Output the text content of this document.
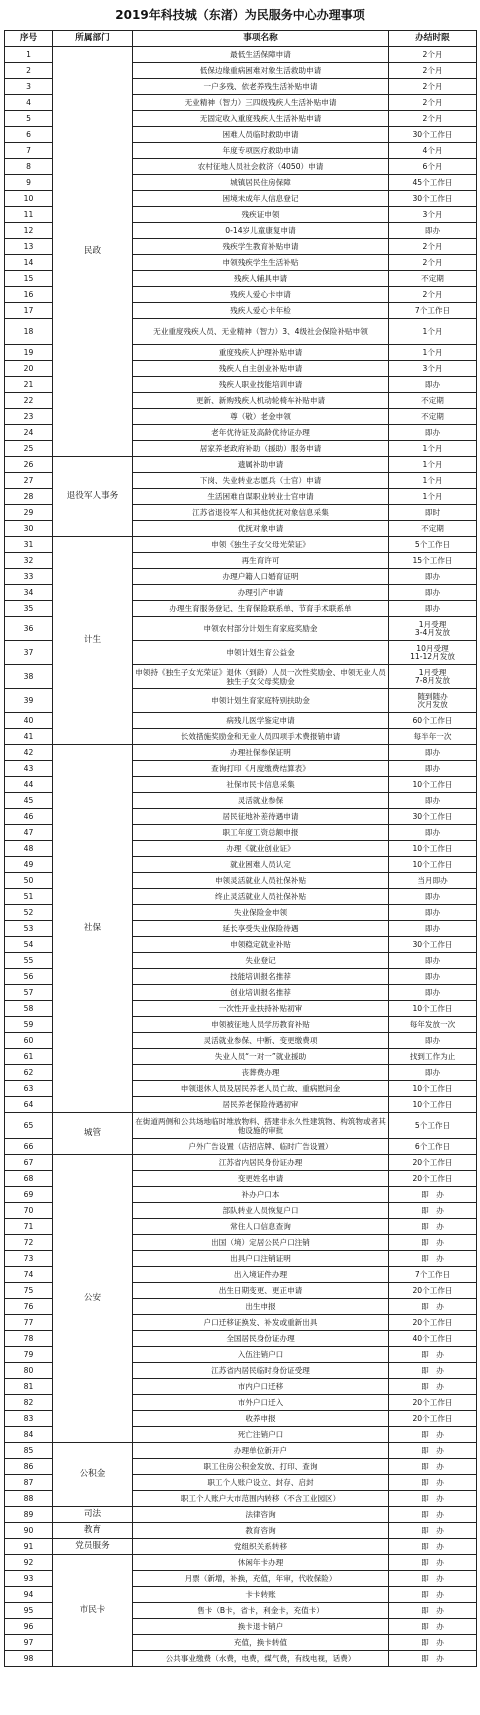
2019年科技城（东渚）为民服务中心办理事项
序号	所属部门	事项名称	办结时限
1	民政	最低生活保障申请	2个月
2		低保边缘重病困难对象生活救助申请	2个月
3		一户多残、依老养残生活补贴申请	2个月
4		无业精神（智力）三四级残疾人生活补贴申请	2个月
5		无固定收入重度残疾人生活补贴申请	2个月
6		困难人员临时救助申请	30个工作日
7		年度专项医疗救助申请	4个月
8		农村征地人员社会救济（4050）申请	6个月
9		城镇居民住房保障	45个工作日
10		困境未成年人信息登记	30个工作日
11		残疾证申领	3个月
12		0-14岁儿童康复申请	即办
13		残疾学生教育补贴申请	2个月
14		申领残疾学生生活补贴	2个月
15		残疾人辅具申请	不定期
16		残疾人爱心卡申请	2个月
17		残疾人爱心卡年检	7个工作日
18		无业重度残疾人员、无业精神（智力）3、4级社会保险补贴申领	1个月
19		重度残疾人护理补贴申请	1个月
20		残疾人自主创业补贴申请	3个月
21		残疾人职业技能培训申请	即办
22		更新、新购残疾人机动轮椅车补贴申请	不定期
23		尊（敬）老金申领	不定期
24		老年优待证及高龄优待证办理	即办
25		居家养老政府补助（援助）服务申请	1个月
26	退役军人事务	遗属补助申请	1个月
27		下岗、失业转业志愿兵（士官）申请	1个月
28		生活困难自谋职业转业士官申请	1个月
29		江苏省退役军人和其他优抚对象信息采集	即时
30		优抚对象申请	不定期
31	计生	申领《独生子女父母光荣证》	5个工作日
32		再生育许可	15个工作日
33		办理户籍人口婚育证明	即办
34		办理引产申请	即办
35		办理生育服务登记、生育保险联系单、节育手术联系单	即办
36		申领农村部分计划生育家庭奖励金	1月受理
3-4月发放

37		申领计划生育公益金	10月受理
11-12月发放

38		申领持《独生子女光荣证》退休（到龄）人员一次性奖励金、申领无业人员独生子女父母奖励金	1月受理
7-8月发放

39		申领计划生育家庭特别扶助金	随到随办
次月发放

40		病残儿医学鉴定申请	60个工作日
41		长效措施奖励金和无业人员四项手术费报销申请	每半年一次
42	社保	办理社保参保证明	即办
43		查询打印《月度缴费结算表》	即办
44		社保市民卡信息采集	10个工作日
45		灵活就业参保	即办
46		居民征地补差待遇申请	30个工作日
47		职工年度工资总额申报	即办
48		办理《就业创业证》	10个工作日
49		就业困难人员认定	10个工作日
50		申领灵活就业人员社保补贴	当月即办
51		终止灵活就业人员社保补贴	即办
52		失业保险金申领	即办
53		延长享受失业保险待遇	即办
54		申领稳定就业补贴	30个工作日
55		失业登记	即办
56		技能培训报名推荐	即办
57		创业培训报名推荐	即办
58		一次性开业扶持补贴初审	10个工作日
59		申领被征地人员学历教育补贴	每年发放一次
60		灵活就业参保、中断、变更缴费项	即办
61		失业人员“一对一”就业援助	找到工作为止
62		丧葬费办理	即办
63		申领退休人员及居民养老人员亡故、重病慰问金	10个工作日
64		居民养老保险待遇初审	10个工作日
65	城管	在街道两侧和公共场地临时堆放物料、搭建非永久性建筑物、构筑物或者其他设施的审批	5个工作日
66		户外广告设置（店招店牌、临时广告设置）	6个工作日
67	公安	江苏省内居民身份证办理	20个工作日
68		变更姓名申请	20个工作日
69		补办户口本	即　办
70		部队转业人员恢复户口	即　办
71		常住人口信息查询	即　办
72		出国（境）定居公民户口注销	即　办
73		出具户口注销证明	即　办
74		出入境证件办理	7个工作日
75		出生日期变更、更正申请	20个工作日
76		出生申报	即　办
77		户口迁移证换发、补发或重新出具	20个工作日
78		全国居民身份证办理	40个工作日
79		入伍注销户口	即　办
80		江苏省内居民临时身份证受理	即　办
81		市内户口迁移	即　办
82		市外户口迁入	20个工作日
83		收养申报	20个工作日
84		死亡注销户口	即　办
85	公积金	办理单位新开户	即　办
86		职工住房公积金发放、打印、查询	即　办
87		职工个人账户设立、封存、启封	即　办
88		职工个人账户大市范围内转移（不含工业园区）	即　办
89	司法	法律咨询	即　办
90	教育	教育咨询	即　办
91	党员服务	党组织关系转移	即　办
92	市民卡	休闲年卡办理	即　办
93		月票（新增，补换，充值，年审，代收保险）	即　办
94		卡卡转账	即　办
95		售卡（B卡，省卡，利金卡，充值卡）	即　办
96		换卡退卡销户	即　办
97		充值，换卡转值	即　办
98		公共事业缴费（水费，电费，煤气费，有线电视，话费）	即　办
